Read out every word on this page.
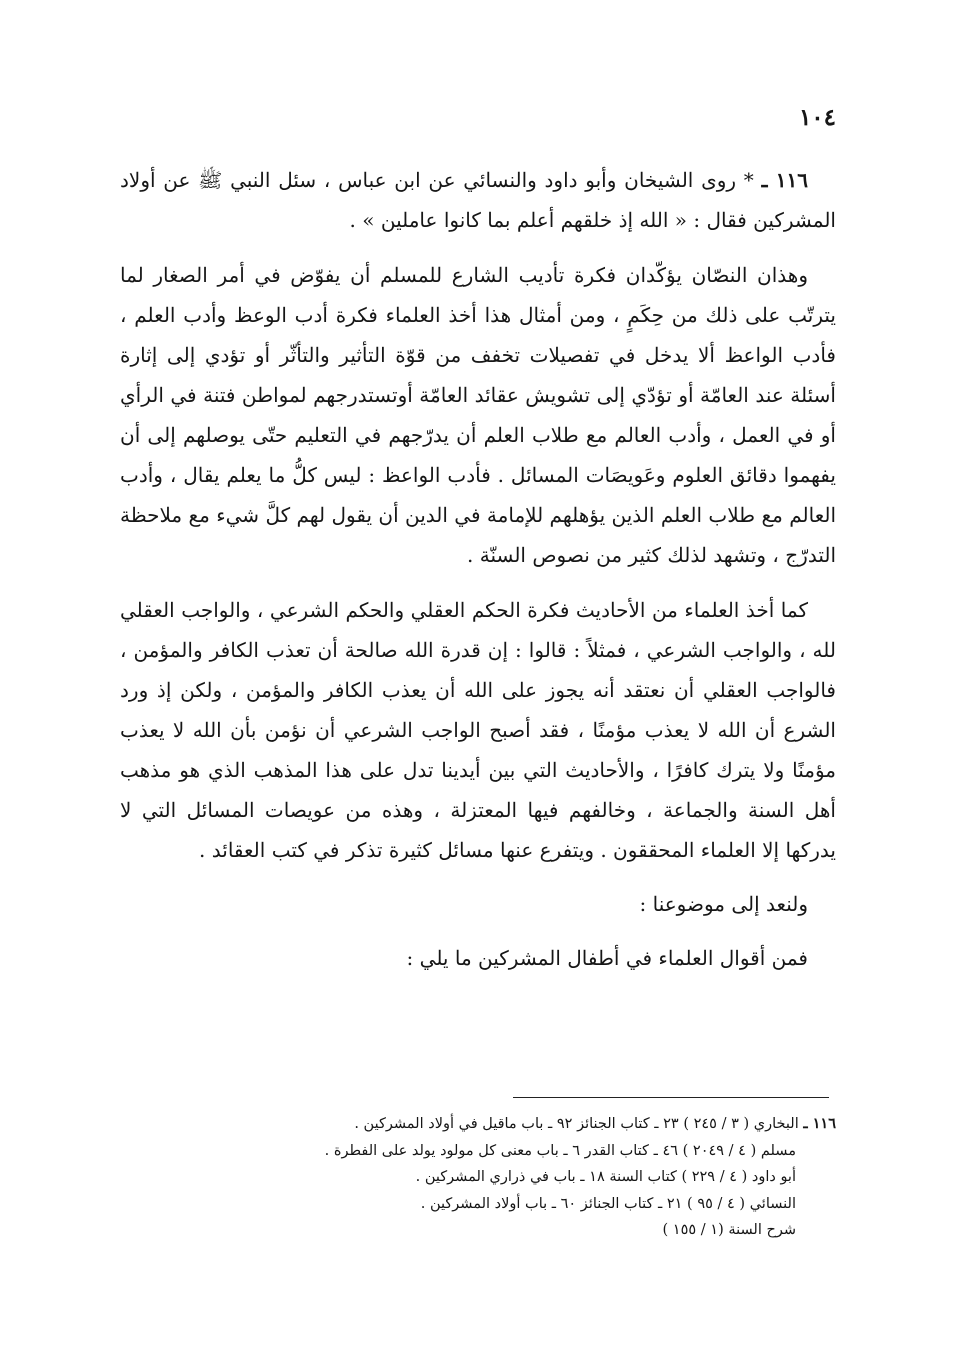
١٠٤

١١٦ ـ * روى الشيخان وأبو داود والنسائي عن ابن عباس ، سئل النبي ﷺ عن أولاد المشركين فقال : « الله إذ خلقهم أعلم بما كانوا عاملين » .

وهذان النصّان يؤكّدان فكرة تأديب الشارع للمسلم أن يفوّض في أمر الصغار لما يترتّب على ذلك من حِكَمٍ ، ومن أمثال هذا أخذ العلماء فكرة أدب الوعظ وأدب العلم ، فأدب الواعظ ألا يدخل في تفصيلات تخفف من قوّة التأثير والتأثّر أو تؤدي إلى إثارة أسئلة عند العامّة أو تؤدّي إلى تشويش عقائد العامّة أوتستدرجهم لمواطن فتنة في الرأي أو في العمل ، وأدب العالم مع طلاب العلم أن يدرّجهم في التعليم حتّى يوصلهم إلى أن يفهموا دقائق العلوم وعَويصَات المسائل . فأدب الواعظ : ليس كلُّ ما يعلم يقال ، وأدب العالم مع طلاب العلم الذين يؤهلهم للإمامة في الدين أن يقول لهم كلَّ شيء مع ملاحظة التدرّج ، وتشهد لذلك كثير من نصوص السنّة .

كما أخذ العلماء من الأحاديث فكرة الحكم العقلي والحكم الشرعي ، والواجب العقلي لله ، والواجب الشرعي ، فمثلاً : قالوا : إن قدرة الله صالحة أن تعذب الكافر والمؤمن ، فالواجب العقلي أن نعتقد أنه يجوز على الله أن يعذب الكافر والمؤمن ، ولكن إذ ورد الشرع أن الله لا يعذب مؤمنًا ، فقد أصبح الواجب الشرعي أن نؤمن بأن الله لا يعذب مؤمنًا ولا يترك كافرًا ، والأحاديث التي بين أيدينا تدل على هذا المذهب الذي هو مذهب أهل السنة والجماعة ، وخالفهم فيها المعتزلة ، وهذه من عويصات المسائل التي لا يدركها إلا العلماء المحققون . ويتفرع عنها مسائل كثيرة تذكر في كتب العقائد .

ولنعد إلى موضوعنا :

فمن أقوال العلماء في أطفال المشركين ما يلي :

١١٦ ـ البخاري ( ٣ / ٢٤٥ ) ٢٣ ـ كتاب الجنائز ٩٢ ـ باب ماقيل في أولاد المشركين .

مسلم ( ٤ / ٢٠٤٩ ) ٤٦ ـ كتاب القدر ٦ ـ باب معنى كل مولود يولد على الفطرة .

أبو داود ( ٤ / ٢٢٩ ) كتاب السنة ١٨ ـ باب في ذراري المشركين .

النسائي ( ٤ / ٩٥ ) ٢١ ـ كتاب الجنائز ٦٠ ـ باب أولاد المشركين .

شرح السنة (١ / ١٥٥ )
